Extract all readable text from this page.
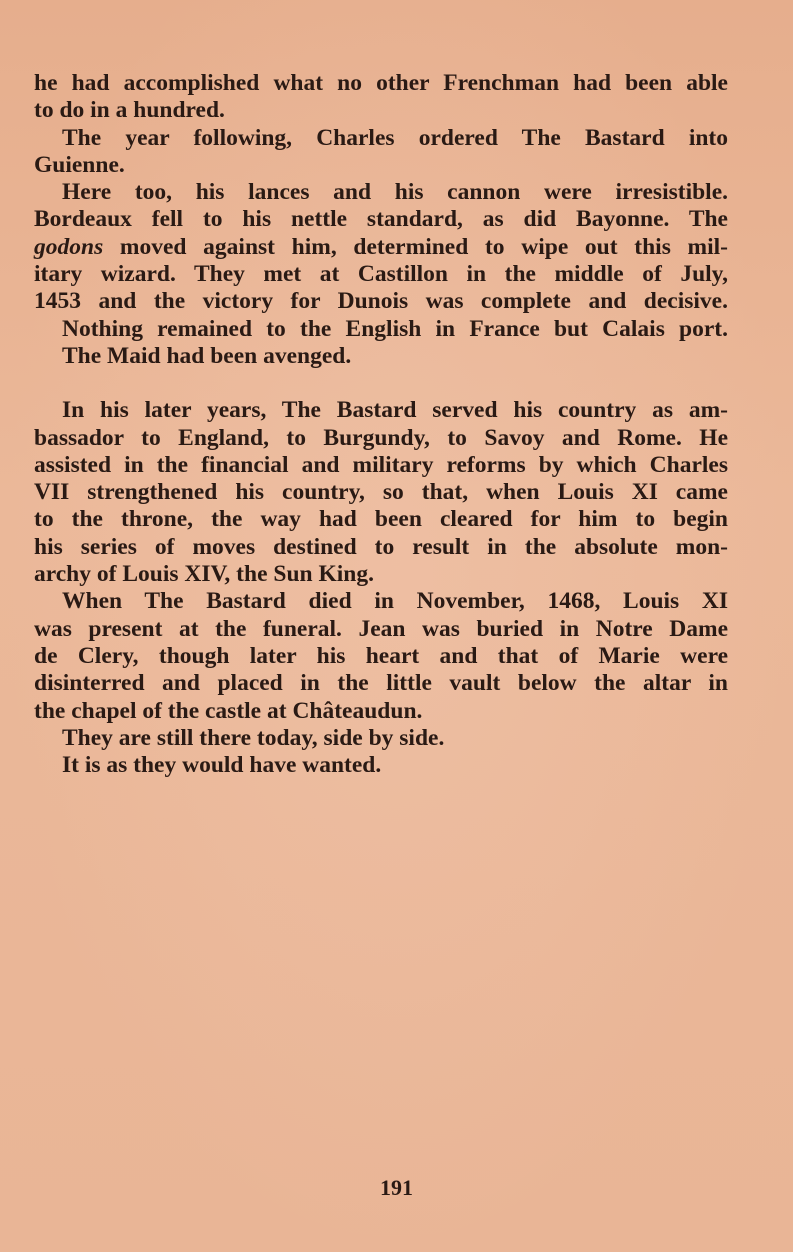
he had accomplished what no other Frenchman had been able
to do in a hundred.
The year following, Charles ordered The Bastard into
Guienne.
Here too, his lances and his cannon were irresistible.
Bordeaux fell to his nettle standard, as did Bayonne. The
godons moved against him, determined to wipe out this mil-
itary wizard. They met at Castillon in the middle of July,
1453 and the victory for Dunois was complete and decisive.
Nothing remained to the English in France but Calais port.
The Maid had been avenged.
In his later years, The Bastard served his country as am-
bassador to England, to Burgundy, to Savoy and Rome. He
assisted in the financial and military reforms by which Charles
VII strengthened his country, so that, when Louis XI came
to the throne, the way had been cleared for him to begin
his series of moves destined to result in the absolute mon-
archy of Louis XIV, the Sun King.
When The Bastard died in November, 1468, Louis XI
was present at the funeral. Jean was buried in Notre Dame
de Clery, though later his heart and that of Marie were
disinterred and placed in the little vault below the altar in
the chapel of the castle at Châteaudun.
They are still there today, side by side.
It is as they would have wanted.
191
